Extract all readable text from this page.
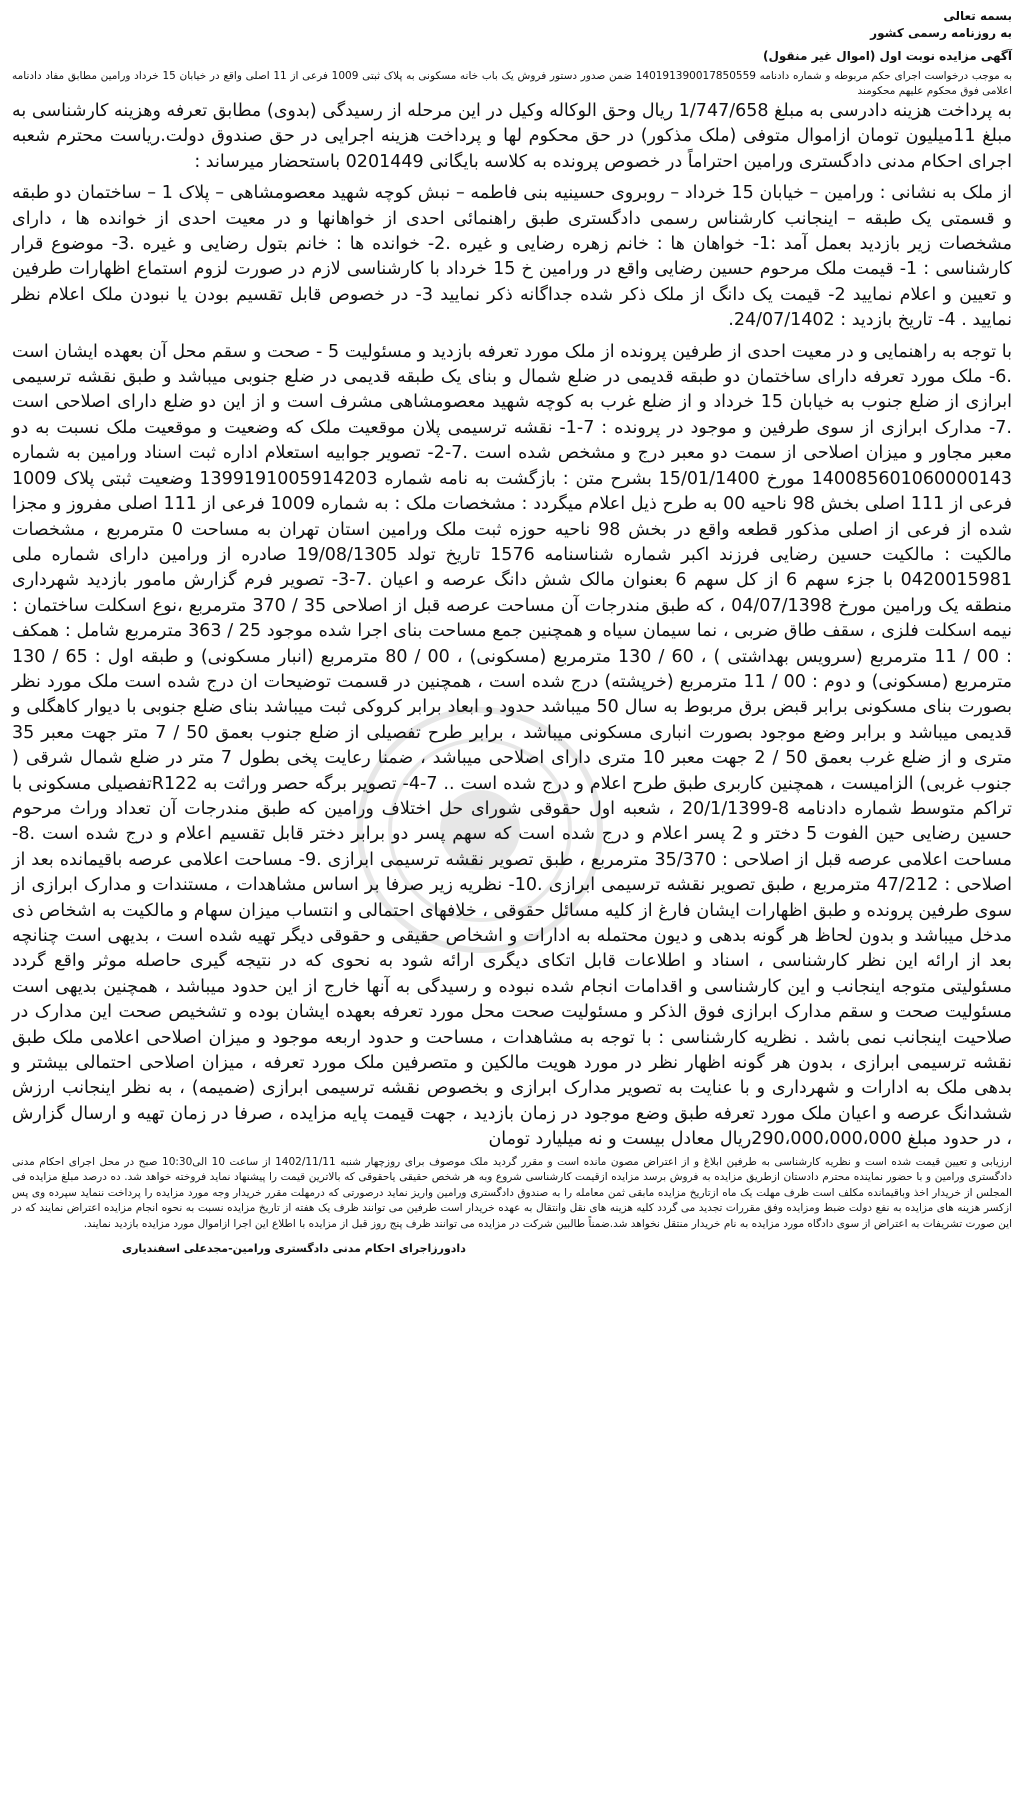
بسمه تعالی
به روزنامه رسمی کشور
آگهی مزایده نوبت اول (اموال غیر منقول)
به موجب درخواست اجرای حکم مربوطه و شماره دادنامه 140191390017850559 ضمن صدور دستور فروش یک باب خانه مسکونی به پلاک ثبتی 1009 فرعی از 11 اصلی واقع در خیابان 15 خرداد ورامین مطابق مفاد دادنامه اعلامی فوق محکوم علیهم محکومند

به پرداخت هزینه دادرسی به مبلغ 1/747/658 ریال وحق الوکاله وکیل در این مرحله از رسیدگی (بدوی) مطابق تعرفه وهزینه کارشناسی به مبلغ 11میلیون تومان ازاموال متوفی (ملک مذکور) در حق محکوم لها و پرداخت هزینه اجرایی در حق صندوق دولت.ریاست محترم شعبه اجرای احکام مدنی دادگستری ورامین احتراماً در خصوص پرونده به کلاسه بایگانی 0201449 باستحضار میرساند :

از ملک به نشانی : ورامین – خیابان 15 خرداد – روبروی حسینیه بنی فاطمه – نبش کوچه شهید معصومشاهی – پلاک 1 – ساختمان دو طبقه و قسمتی یک طبقه – اینجانب کارشناس رسمی دادگستری طبق راهنمائی احدی از خواهانها و در معیت احدی از خوانده ها ، دارای مشخصات زیر بازدید بعمل آمد :1- خواهان ها : خانم زهره رضایی و غیره .2- خوانده ها : خانم بتول رضایی و غیره .3- موضوع قرار کارشناسی : 1- قیمت ملک مرحوم حسین رضایی واقع در ورامین خ 15 خرداد با کارشناسی لازم در صورت لزوم استماع اظهارات طرفین و تعیین و اعلام نمایید 2- قیمت یک دانگ از ملک ذکر شده جداگانه ذکر نمایید 3- در خصوص قابل تقسیم بودن یا نبودن ملک اعلام نظر نمایید . 4- تاریخ بازدید : 24/07/1402.

با توجه به راهنمایی و در معیت احدی از طرفین پرونده از ملک مورد تعرفه بازدید و مسئولیت 5 - صحت و سقم محل آن بعهده ایشان است .6- ملک مورد تعرفه دارای ساختمان دو طبقه قدیمی در ضلع شمال و بنای یک طبقه قدیمی در ضلع جنوبی میباشد و طبق نقشه ترسیمی ابرازی از ضلع جنوب به خیابان 15 خرداد و از ضلع غرب به کوچه شهید معصومشاهی مشرف است و از این دو ضلع دارای اصلاحی است .7- مدارک ابرازی از سوی طرفین و موجود در پرونده : 7-1- نقشه ترسیمی پلان موقعیت ملک که وضعیت و موقعیت ملک نسبت به دو معبر مجاور و میزان اصلاحی از سمت دو معبر درج و مشخص شده است .7-2- تصویر جوابیه استعلام اداره ثبت اسناد ورامین به شماره 140085601060000143 مورخ 15/01/1400 بشرح متن : بازگشت به نامه شماره 139919100591420​3 وضعیت ثبتی پلاک 1009 فرعی از 111 اصلی بخش 98 ناحیه 00 به طرح ذیل اعلام میگردد : مشخصات ملک : به شماره 1009 فرعی از 111 اصلی مفروز و مجزا شده از فرعی از اصلی مذکور قطعه واقع در بخش 98 ناحیه حوزه ثبت ملک ورامین استان تهران به مساحت 0 مترمربع ، مشخصات مالکیت : مالکیت حسین رضایی فرزند اکبر شماره شناسنامه 1576 تاریخ تولد 19/08/1305 صادره از ورامین دارای شماره ملی 0420015981 با جزء سهم 6 از کل سهم 6 بعنوان مالک شش دانگ عرصه و اعیان .7-3- تصویر فرم گزارش مامور بازدید شهرداری منطقه یک ورامین مورخ 04/07/1398 ، که طبق مندرجات آن مساحت عرصه قبل از اصلاحی 35 / 370 مترمربع ،نوع اسکلت ساختمان : نیمه اسکلت فلزی ، سقف طاق ضربی ، نما سیمان سیاه و همچنین جمع مساحت بنای اجرا شده موجود 25 / 363 مترمربع شامل : همکف : 00 / 11 مترمربع (سرویس بهداشتی ) ، 60 / 130 مترمربع (مسکونی) ، 00 / 80 مترمربع (انبار مسکونی) و طبقه اول : 65 / 130 مترمربع (مسکونی) و دوم : 00 / 11 مترمربع (خرپشته) درج شده است ، همچنین در قسمت توضیحات ان درج شده است ملک مورد نظر بصورت بنای مسکونی برابر قبض برق مربوط به سال 50 میباشد حدود و ابعاد برابر کروکی ثبت میباشد بنای ضلع جنوبی با دیوار کاهگلی و قدیمی میباشد و برابر وضع موجود بصورت انباری مسکونی میباشد ، برابر طرح تفصیلی از ضلع جنوب بعمق 50 / 7 متر جهت معبر 35 متری و از ضلع غرب بعمق 50 / 2 جهت معبر 10 متری دارای اصلاحی میباشد ، ضمنا رعایت پخی بطول 7 متر در ضلع شمال شرقی ( جنوب غربی) الزامیست ، همچنین کاربری طبق طرح اعلام و درج شده است .. 7-4- تصویر برگه حصر وراثت به R122تفصیلی مسکونی با تراکم متوسط شماره دادنامه 8-20/1/1399 ، شعبه اول حقوقی شورای حل اختلاف ورامین که طبق مندرجات آن تعداد وراث مرحوم حسین رضایی حین الفوت 5 دختر و 2 پسر اعلام و درج شده است که سهم پسر دو برابر دختر قابل تقسیم اعلام و درج شده است .8- مساحت اعلامی عرصه قبل از اصلاحی : 35/370 مترمربع ، طبق تصویر نقشه ترسیمی ابرازی .9- مساحت اعلامی عرصه باقیمانده بعد از اصلاحی : 47/212 مترمربع ، طبق تصویر نقشه ترسیمی ابرازی .10- نظریه زیر صرفا بر اساس مشاهدات ، مستندات و مدارک ابرازی از سوی طرفین پرونده و طبق اظهارات ایشان فارغ از کلیه مسائل حقوقی ، خلافهای احتمالی و انتساب میزان سهام و مالکیت به اشخاص ذی مدخل میباشد و بدون لحاظ هر گونه بدهی و دیون محتمله به ادارات و اشخاص حقیقی و حقوقی دیگر تهیه شده است ، بدیهی است چنانچه بعد از ارائه این نظر کارشناسی ، اسناد و اطلاعات قابل اتکای دیگری ارائه شود به نحوی که در نتیجه گیری حاصله موثر واقع گردد مسئولیتی متوجه اینجانب و این کارشناسی و اقدامات انجام شده نبوده و رسیدگی به آنها خارج از این حدود میباشد ، همچنین بدیهی است مسئولیت صحت و سقم مدارک ابرازی فوق الذکر و مسئولیت صحت محل مورد تعرفه بعهده ایشان بوده و تشخیص صحت این مدارک در صلاحیت اینجانب نمی باشد . نظریه کارشناسی : با توجه به مشاهدات ، مساحت و حدود اربعه موجود و میزان اصلاحی اعلامی ملک طبق نقشه ترسیمی ابرازی ، بدون هر گونه اظهار نظر در مورد هویت مالکین و متصرفین ملک مورد تعرفه ، میزان اصلاحی احتمالی بیشتر و بدهی ملک به ادارات و شهرداری و با عنایت به تصویر مدارک ابرازی و بخصوص نقشه ترسیمی ابرازی (ضمیمه) ، به نظر اینجانب ارزش ششدانگ عرصه و اعیان ملک مورد تعرفه طبق وضع موجود در زمان بازدید ، جهت قیمت پایه مزایده ، صرفا در زمان تهیه و ارسال گزارش ، در حدود مبلغ 290،000،000،000ریال معادل بیست و نه میلیارد تومان

ارزیابی و تعیین قیمت شده است و نظریه کارشناسی به طرفین ابلاغ و از اعتراض مصون مانده است و مقرر گردید ملک موصوف برای روزچهار شنبه 1402/11/11 از ساعت 10 الی10:30 صبح در محل اجرای احکام مدنی دادگستری ورامین و با حضور نماینده محترم دادستان ازطریق مزایده به فروش برسد مزایده ازقیمت کارشناسی شروع وبه هر شخص حقیقی یاحقوقی که بالاترین قیمت را پیشنهاد نماید فروخته خواهد شد. ده درصد مبلغ مزایده فی المجلس از خریدار اخذ وباقیمانده مکلف است ظرف مهلت یک ماه ازتاریخ مزایده مابقی ثمن معامله را به صندوق دادگستری ورامین واریز نماید درصورتی که درمهلت مقرر خریدار وجه مورد مزایده را پرداخت ننماید سپرده وی پس ازکسر هزینه های مزایده به نفع دولت ضبط ومزایده وفق مقررات تجدید می گردد کلیه هزینه های نقل وانتقال به عهده خریدار است طرفین می توانند ظرف یک هفته از تاریخ مزایده نسبت به نحوه انجام مزایده اعتراض نمایند که در این صورت تشریفات به اعتراض از سوی دادگاه مورد مزایده به نام خریدار منتقل نخواهد شد.ضمناً طالبین شرکت در مزایده می توانند ظرف پنج روز قبل از مزایده با اطلاع این اجرا ازاموال مورد مزایده بازدید نمایند.
دادورزاجرای احکام مدنی دادگستری ورامین-مجدعلی اسفندیاری
